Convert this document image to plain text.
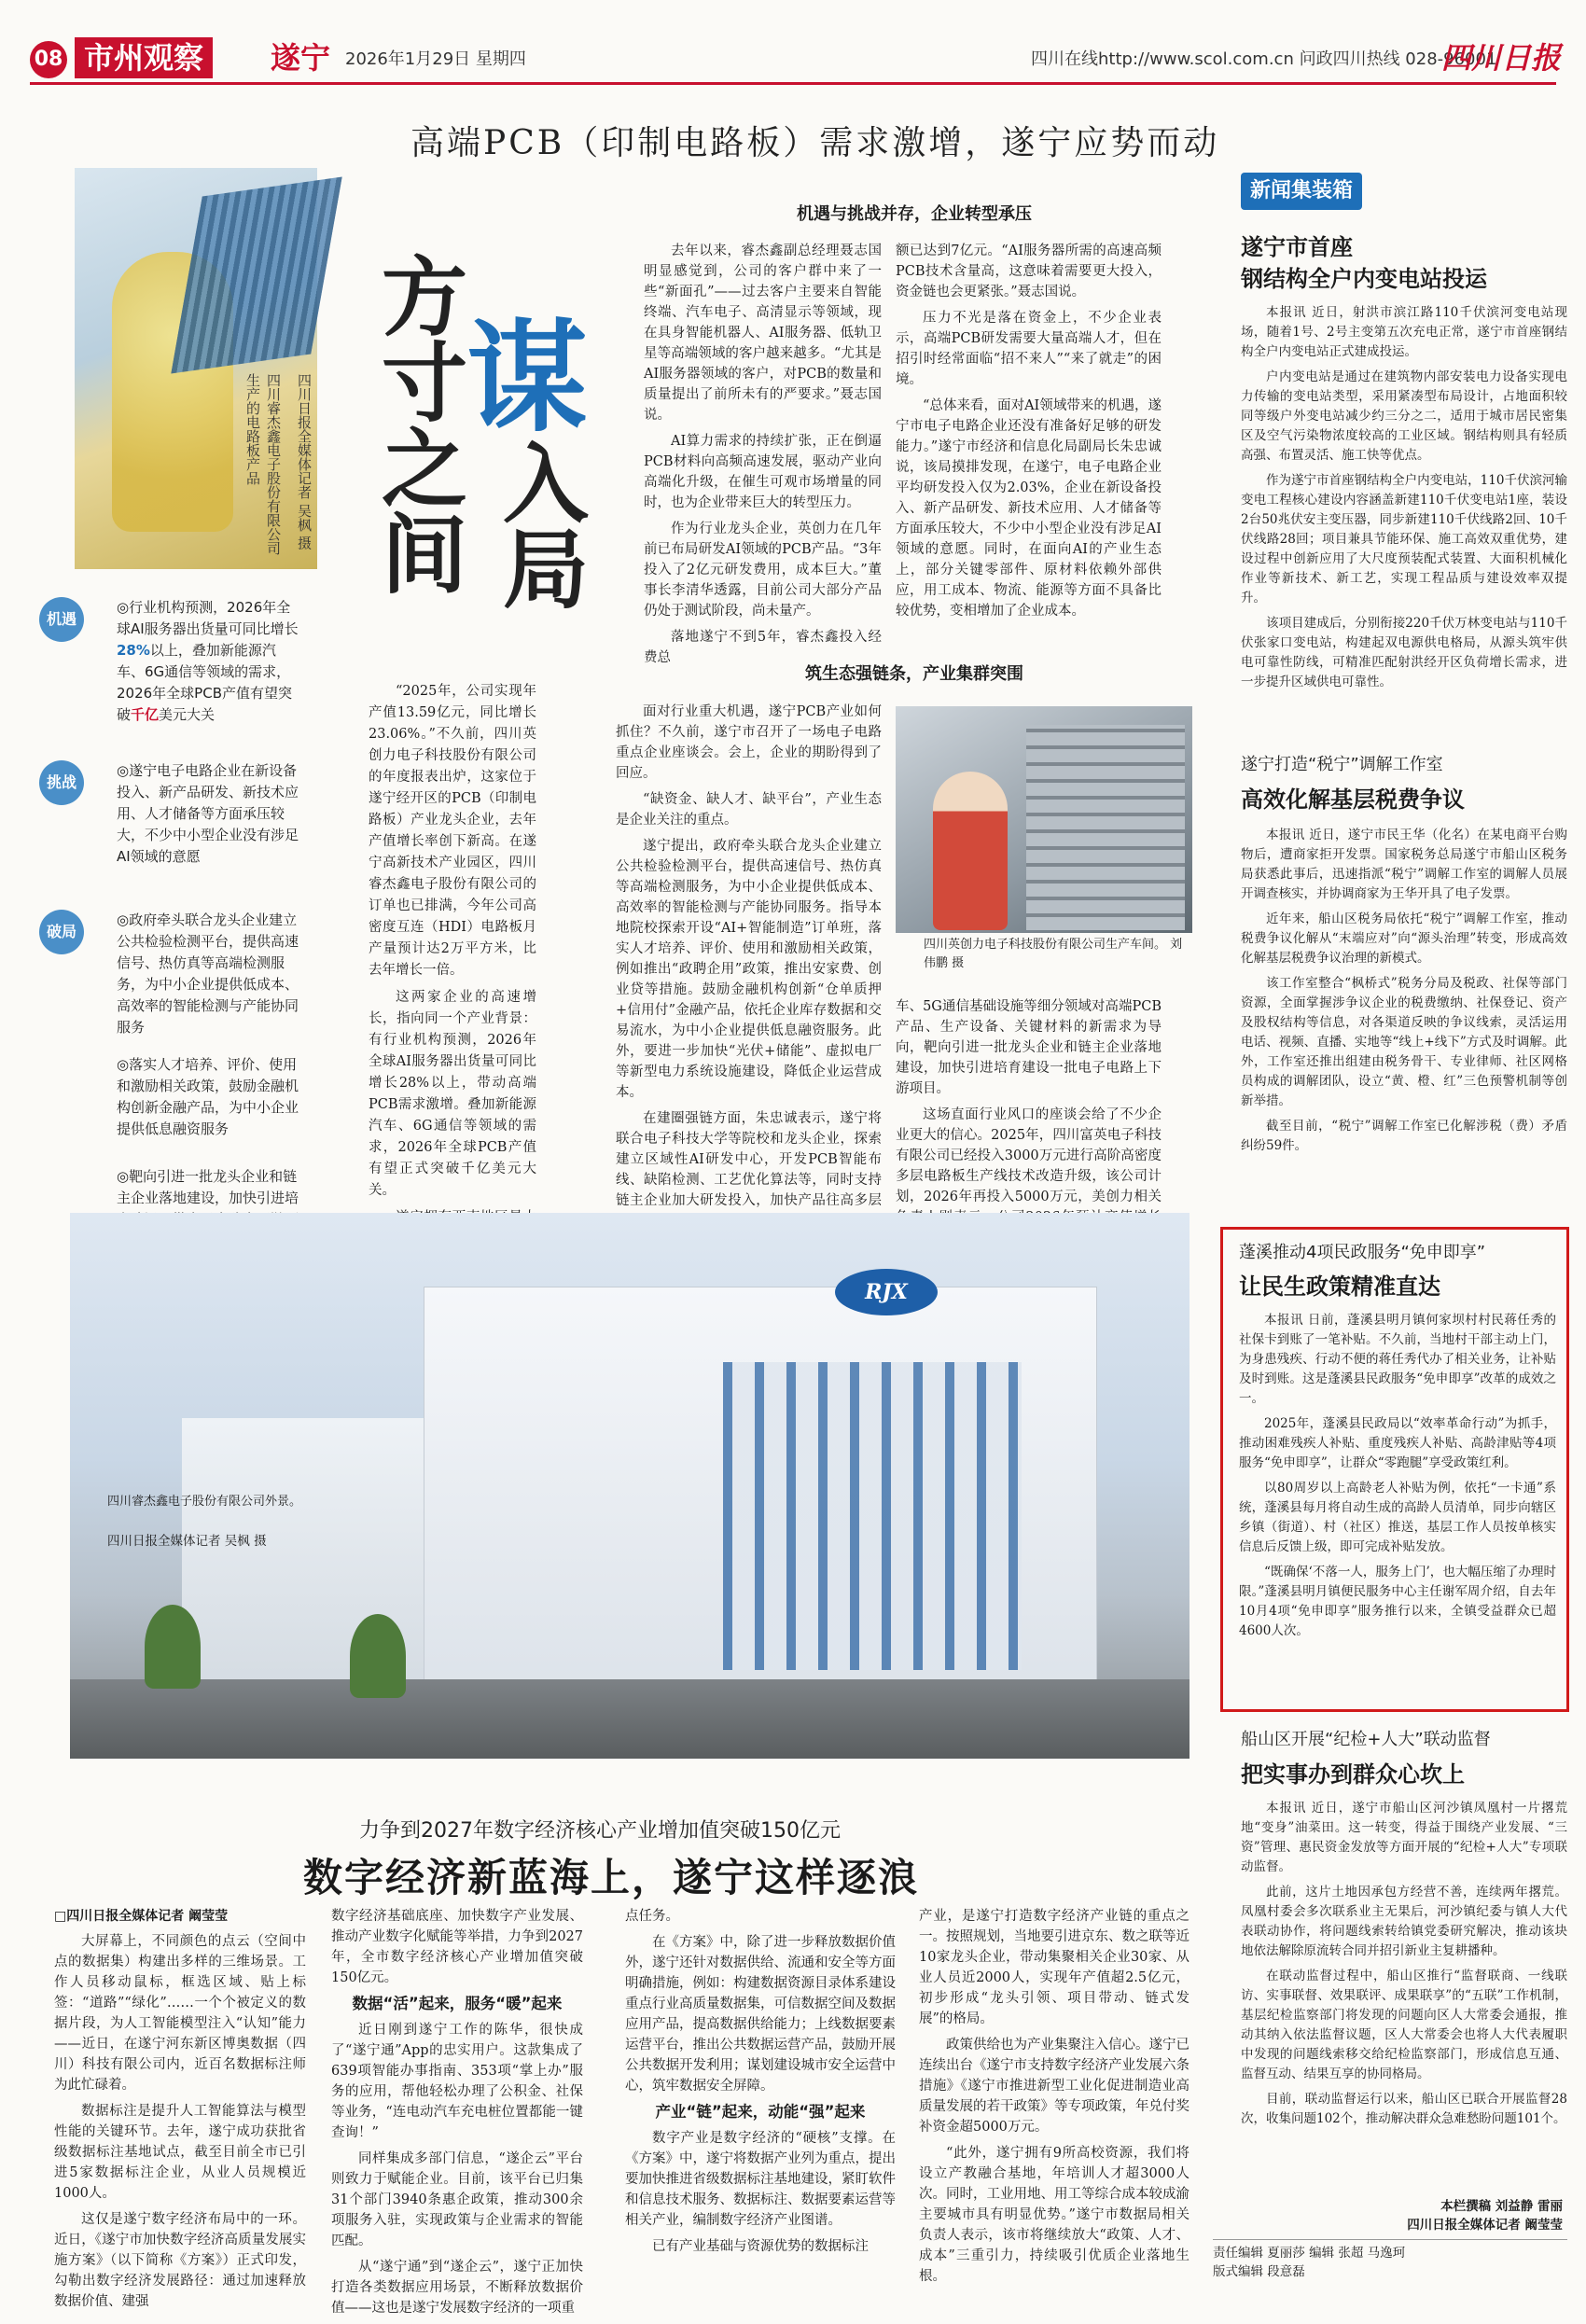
08 市州观察	遂宁 2026年1月29日 星期四	四川在线http://www.scol.com.cn 问政四川热线 028-96001
四川日报
高端PCB（印制电路板）需求激增，遂宁应势而动
方寸之间
谋
入局
四川日报全媒体记者 吴枫 摄
四川睿杰鑫电子股份有限公司生产的电路板产品
机遇
◎行业机构预测，2026年全球AI服务器出货量可同比增长28%以上，叠加新能源汽车、6G通信等领域的需求，2026年全球PCB产值有望突破千亿美元大关
挑战
◎遂宁电子电路企业在新设备投入、新产品研发、新技术应用、人才储备等方面承压较大，不少中小型企业没有涉足AI领域的意愿
破局
◎政府牵头联合龙头企业建立公共检验检测平台，提供高速信号、热仿真等高端检测服务，为中小企业提供低成本、高效率的智能检测与产能协同服务
◎落实人才培养、评价、使用和激励相关政策，鼓励金融机构创新金融产品，为中小企业提供低息融资服务
◎靶向引进一批龙头企业和链主企业落地建设，加快引进培

“2025年，公司实现年产值13.59亿元，同比增长23.06%。”不久前，四川英创力电子科技股份有限公司的年度报表出炉，这家位于遂宁经开区的PCB（印制电路板）产业龙头企业，去年产值增长率创下新高。在遂宁高新技术产业园区，四川睿杰鑫电子股份有限公司的订单也已排满，今年公司高密度互连（HDI）电路板月产量预计达2万平方米，比去年增长一倍。

这两家企业的高速增长，指向同一个产业背景：有行业机构预测，2026年全球AI服务器出货量可同比增长28%以上，带动高端PCB需求激增。叠加新能源汽车、6G通信等领域的需求，2026年全球PCB产值有望正式突破千亿美元大关。

机遇与挑战并存，企业转型承压

去年以来，睿杰鑫副总经理聂志国明显感觉到，公司的客户群中来了一些“新面孔”——过去客户主要来自智能终端、汽车电子、高清显示等领域，现在具身智能机器人、AI服务器、低轨卫星等高端领域的客户越来越多。“尤其是AI服务器领域的客户，对PCB的数量和质量提出了前所未有的严要求。”聂志国说。

AI算力需求的持续扩张，正在倒逼PCB材料向高频高速发展，驱动产业向高端化升级，在催生可观市场增量的同时，也为企业带来巨大的转型压力。

作为行业龙头企业，英创力在几年前已布局研发AI领域的PCB产品。“3年投入了2亿元研发费用，成本巨大。”董事长李清华透露，目前公司大部分产品仍处于测试阶段，尚未量产。

落地遂宁不到5年，睿杰鑫投入经费总

额已达到7亿元。“AI服务器所需的高速高频PCB技术含量高，这意味着需要更大投入，资金链也会更紧张。”聂志国说。

压力不光是落在资金上，不少企业表示，高端PCB研发需要大量高端人才，但在招引时经常面临“招不来人”“来了就走”的困境。

“总体来看，面对AI领域带来的机遇，遂宁市电子电路企业还没有准备好足够的研发能力。”遂宁市经济和信息化局副局长朱忠诚说，该局摸排发现，在遂宁，电子电路企业平均研发投入仅为2.03%，企业在新设备投入、新产品研发、新技术应用、人才储备等方面承压较大，不少中小型企业没有涉足AI领域的意愿。同时，在面向AI的产业生态上，部分关键零部件、原材料依赖外部供应，用工成本、物流、能源等方面不具备比较优势，变相增加了企业成本。

筑生态强链条，产业集群突围

面对行业重大机遇，遂宁PCB产业如何抓住？不久前，遂宁市召开了一场电子电路重点企业座谈会。会上，企业的期盼得到了回应。

“缺资金、缺人才、缺平台”，产业生态是企业关注的重点。

遂宁提出，政府牵头联合龙头企业建立公共检验检测平台，提供高速信号、热仿真等高端检测服务，为中小企业提供低成本、高效率的智能检测与产能协同服务。指导本地院校探索开设“AI+智能制造”订单班，落实人才培养、评价、使用和激励相关政策，例如推出“政聘企用”政策，推出安家费、创业贷等措施。鼓励金融机构创新“仓单质押+信用付”金融产品，依托企业库存数据和交易流水，为中小企业提供低息融资服务。此外，要进一步加快“光伏+储能”、虚拟电厂等新型电力系统设施建设，降低企业运营成本。

在建圈强链方面，朱忠诚表示，遂宁将联合电子科技大学等院校和龙头企业，探索建立区域性AI研发中心，开发PCB智能布线、缺陷检测、工艺优化算法等，同时支持链主企业加大研发投入，加快产品往高多层

四川英创力电子科技股份有限公司生产车间。 刘伟鹏 摄

车、5G通信基础设施等细分领域对高端PCB产品、生产设备、关键材料的新需求为导向，靶向引进一批龙头企业和链主企业落地建设，加快引进培育建设一批电子电路上下游项目。

这场直面行业风口的座谈会给了不少企业更大的信心。2025年，四川富英电子科技有限公司已经投入3000万元进行高阶高密度多层电路板生产线技术改造升级，该公司计划，2026年再投入5000万元，美创力相关

RJX
四川睿杰鑫电子股份有限公司外景。
四川日报全媒体记者 吴枫 摄
力争到2027年数字经济核心产业增加值突破150亿元
数字经济新蓝海上，遂宁这样逐浪
□四川日报全媒体记者 阚莹莹

大屏幕上，不同颜色的点云（空间中点的数据集）构建出多样的三维场景。工作人员移动鼠标，框选区域、贴上标签：“道路”“绿化”……一个个被定义的数据片段，为人工智能模型注入“认知”能力——近日，在遂宁河东新区博奥数据（四川）科技有限公司内，近百名数据标注师为此忙碌着。

数据标注是提升人工智能算法与模型性能的关键环节。去年，遂宁成功获批省级数据标注基地试点，截至目前全市已引进5家数据标注企业，从业人员规模近1000人。

这仅是遂宁数字经济布局中的一环。近日，《遂宁市加快数字经济高质量发展实施方案》（以下简称《方案》）正式印发，勾勒出数字经济发展路径：通过加速释放数据价值、建强

数字经济基础底座、加快数字产业发展、推动产业数字化赋能等举措，力争到2027年，全市数字经济核心产业增加值突破150亿元。

数据“活”起来，服务“暖”起来

近日刚到遂宁工作的陈华，很快成了“遂宁通”App的忠实用户。这款集成了639项智能办事指南、353项“掌上办”服务的应用，帮他轻松办理了公积金、社保等业务，“连电动汽车充电桩位置都能一键查询！”

同样集成多部门信息，“遂企云”平台则致力于赋能企业。目前，该平台已归集31个部门3940条惠企政策，推动300余项服务入驻，实现政策与企业需求的智能匹配。

从“遂宁通”到“遂企云”，遂宁正加快打造各类数据应用场景，不断释放数据价值——这也是遂宁发展数字经济的一项重

点任务。

在《方案》中，除了进一步释放数据价值外，遂宁还针对数据供给、流通和安全等方面明确措施，例如：构建数据资源目录体系建设重点行业高质量数据集，可信数据空间及数据应用产品，提高数据供给能力；上线数据要素运营平台，推出公共数据运营产品，鼓励开展公共数据开发利用；谋划建设城市安全运营中心，筑牢数据安全屏障。

产业“链”起来，动能“强”起来

数字产业是数字经济的“硬核”支撑。在《方案》中，遂宁将数据产业列为重点，提出要加快推进省级数据标注基地建设，紧盯软件和信息技术服务、数据标注、数据要素运营等相关产业，编制数字经济产业图谱。

已有产业基础与资源优势的数据标注

产业，是遂宁打造数字经济产业链的重点之一。按照规划，当地要引进京东、数之联等近10家龙头企业，带动集聚相关企业30家、从业人员近2000人，实现年产值超2.5亿元，初步形成“龙头引领、项目带动、链式发展”的格局。

政策供给也为产业集聚注入信心。遂宁已连续出台《遂宁市支持数字经济产业发展六条措施》《遂宁市推进新型工业化促进制造业高质量发展的若干政策》等专项政策，年兑付奖补资金超5000万元。

“此外，遂宁拥有9所高校资源，我们将设立产教融合基地，年培训人才超3000人次。同时，工业用地、用工等综合成本较成渝主要城市具有明显优势。”遂宁市数据局相关负责人表示，该市将继续放大“政策、人才、成本”三重引力，持续吸引优质企业落地生根。

新闻集装箱
遂宁市首座
钢结构全户内变电站投运

本报讯 近日，射洪市滨江路110千伏滨河变电站现场，随着1号、2号主变第五次充电正常，遂宁市首座钢结构全户内变电站正式建成投运。

户内变电站是通过在建筑物内部安装电力设备实现电力传输的变电站类型，采用紧凑型布局设计，占地面积较同等级户外变电站减少约三分之二，适用于城市居民密集区及空气污染物浓度较高的工业区域。钢结构则具有轻质高强、布置灵活、施工快等优点。

作为遂宁市首座钢结构全户内变电站，110千伏滨河输变电工程核心建设内容涵盖新建110千伏变电站1座，装设2台50兆伏安主变压器，同步新建110千伏线路2回、10千伏线路28回；项目兼具节能环保、施工高效双重优势，建设过程中创新应用了大尺度预装配式装置、大面积机械化作业等新技术、新工艺，实现工程品质与建设效率双提升。

该项目建成后，分别衔接220千伏万林变电站与110千伏张家口变电站，构建起双电源供电格局，从源头筑牢供电可靠性防线，可精准匹配射洪经开区负荷增长需求，进一步提升区域供电可靠性。

遂宁打造“税宁”调解工作室
高效化解基层税费争议

本报讯 近日，遂宁市民王华（化名）在某电商平台购物后，遭商家拒开发票。国家税务总局遂宁市船山区税务局获悉此事后，迅速指派“税宁”调解工作室的调解人员展开调查核实，并协调商家为王华开具了电子发票。

近年来，船山区税务局依托“税宁”调解工作室，推动税费争议化解从“末端应对”向“源头治理”转变，形成高效化解基层税费争议治理的新模式。

该工作室整合“枫桥式”税务分局及税政、社保等部门资源，全面掌握涉争议企业的税费缴纳、社保登记、资产及股权结构等信息，对各渠道反映的争议线索，灵活运用电话、视频、直播、实地等“线上+线下”方式及时调解。此外，工作室还推出组建由税务骨干、专业律师、社区网格员构成的调解团队，设立“黄、橙、红”三色预警机制等创新举措。

截至目前，“税宁”调解工作室已化解涉税（费）矛盾纠纷59件。

蓬溪推动4项民政服务“免申即享”
让民生政策精准直达

本报讯 日前，蓬溪县明月镇何家坝村村民蒋任秀的社保卡到账了一笔补贴。不久前，当地村干部主动上门，为身患残疾、行动不便的蒋任秀代办了相关业务，让补贴及时到账。这是蓬溪县民政服务“免申即享”改革的成效之一。

2025年，蓬溪县民政局以“效率革命行动”为抓手，推动困难残疾人补贴、重度残疾人补贴、高龄津贴等4项服务“免申即享”，让群众“零跑腿”享受政策红利。

以80周岁以上高龄老人补贴为例，依托“一卡通”系统，蓬溪县每月将自动生成的高龄人员清单，同步向辖区乡镇（街道）、村（社区）推送，基层工作人员按单核实信息后反馈上级，即可完成补贴发放。

“既确保‘不落一人，服务上门’，也大幅压缩了办理时限。”蓬溪县明月镇便民服务中心主任谢军周介绍，自去年10月4项“免申即享”服务推行以来，全镇受益群众已超4600人次。

船山区开展“纪检+人大”联动监督
把实事办到群众心坎上

本报讯 近日，遂宁市船山区河沙镇凤凰村一片撂荒地“变身”油菜田。这一转变，得益于围绕产业发展、“三资”管理、惠民资金发放等方面开展的“纪检+人大”专项联动监督。

此前，这片土地因承包方经营不善，连续两年撂荒。凤凰村委会多次联系业主无果后，河沙镇纪委与镇人大代表联动协作，将问题线索转给镇党委研究解决，推动该块地依法解除原流转合同并招引新业主复耕播种。

在联动监督过程中，船山区推行“监督联商、一线联访、实事联督、效果联评、成果联享”的“五联”工作机制，基层纪检监察部门将发现的问题向区人大常委会通报，推动其纳入依法监督议题，区人大常委会也将人大代表履职中发现的问题线索移交给纪检监察部门，形成信息互通、监督互动、结果互享的协同格局。

目前，联动监督运行以来，船山区已联合开展监督28次，收集问题102个，推动解决群众急难愁盼问题101个。

本栏撰稿 刘益静 雷丽
四川日报全媒体记者 阚莹莹
责任编辑 夏丽莎 编辑 张超 马逸珂
版式编辑 段意磊
